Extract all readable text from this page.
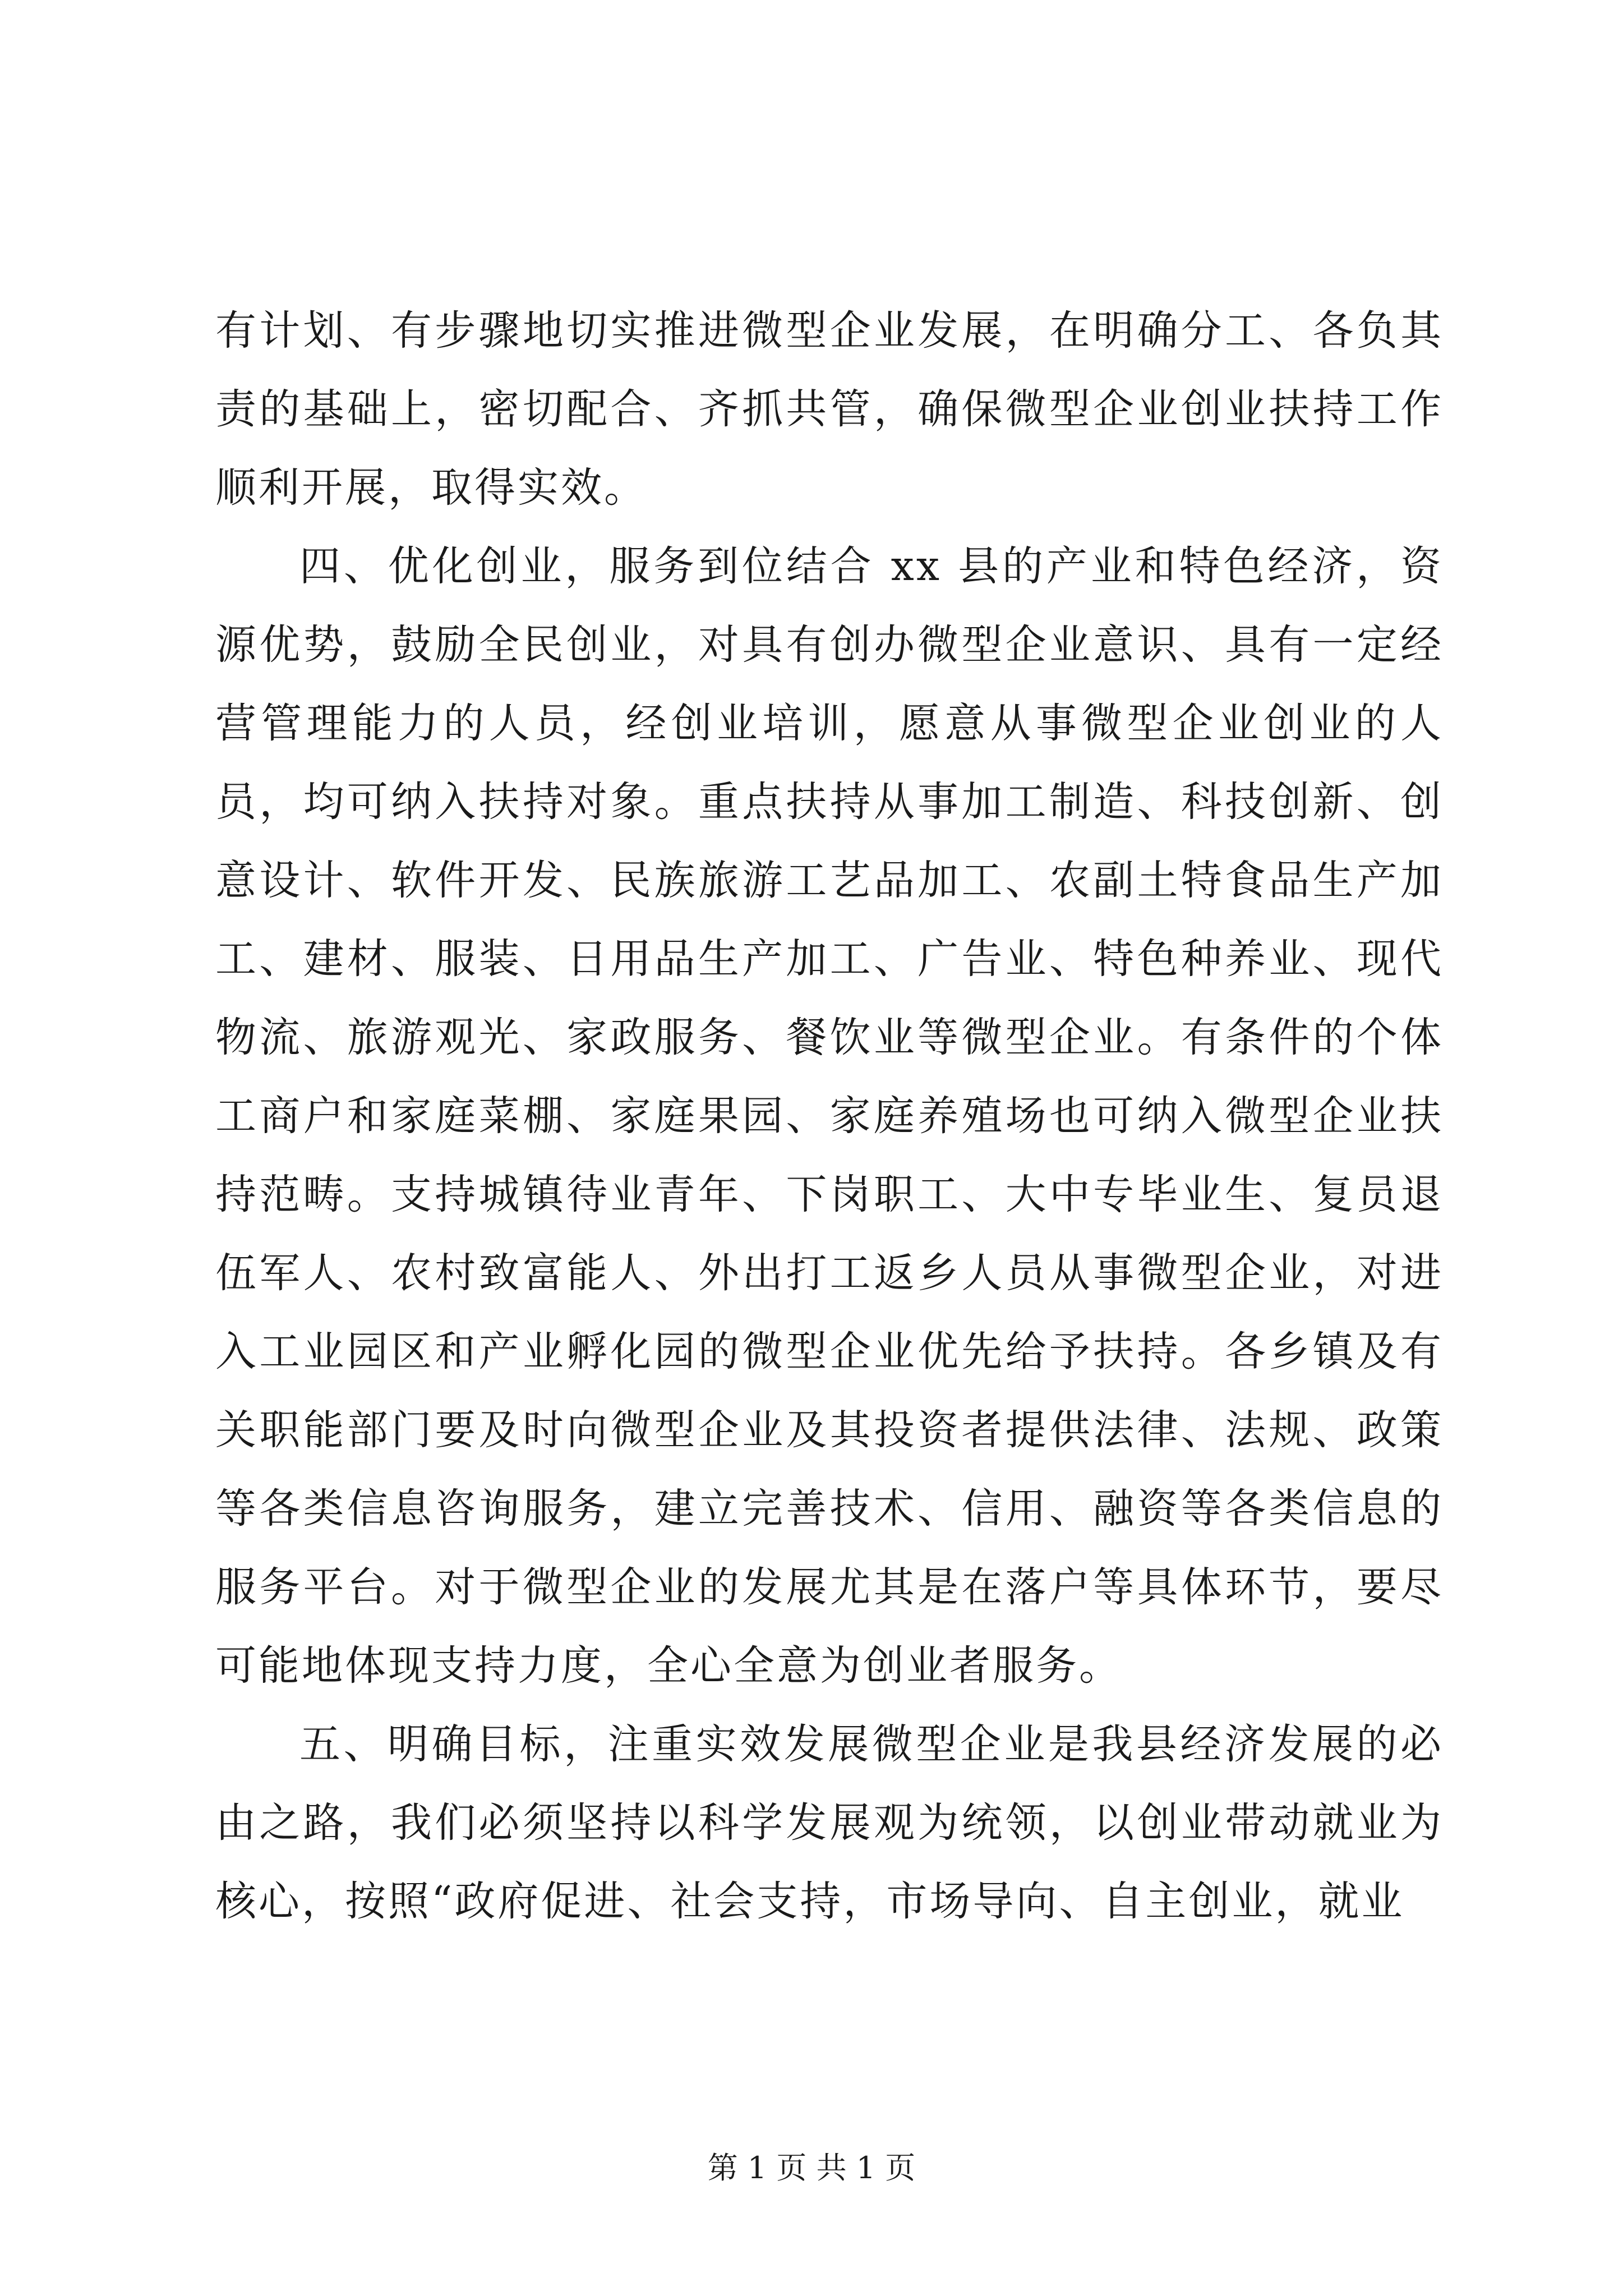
有计划、有步骤地切实推进微型企业发展，在明确分工、各负其责的基础上，密切配合、齐抓共管，确保微型企业创业扶持工作顺利开展，取得实效。

四、优化创业，服务到位结合 xx 县的产业和特色经济，资源优势，鼓励全民创业，对具有创办微型企业意识、具有一定经营管理能力的人员，经创业培训，愿意从事微型企业创业的人员，均可纳入扶持对象。重点扶持从事加工制造、科技创新、创意设计、软件开发、民族旅游工艺品加工、农副土特食品生产加工、建材、服装、日用品生产加工、广告业、特色种养业、现代物流、旅游观光、家政服务、餐饮业等微型企业。有条件的个体工商户和家庭菜棚、家庭果园、家庭养殖场也可纳入微型企业扶持范畴。支持城镇待业青年、下岗职工、大中专毕业生、复员退伍军人、农村致富能人、外出打工返乡人员从事微型企业，对进入工业园区和产业孵化园的微型企业优先给予扶持。各乡镇及有关职能部门要及时向微型企业及其投资者提供法律、法规、政策等各类信息咨询服务，建立完善技术、信用、融资等各类信息的服务平台。对于微型企业的发展尤其是在落户等具体环节，要尽可能地体现支持力度，全心全意为创业者服务。

五、明确目标，注重实效发展微型企业是我县经济发展的必由之路，我们必须坚持以科学发展观为统领，以创业带动就业为核心，按照“政府促进、社会支持，市场导向、自主创业，就业

第 1 页 共 1 页
